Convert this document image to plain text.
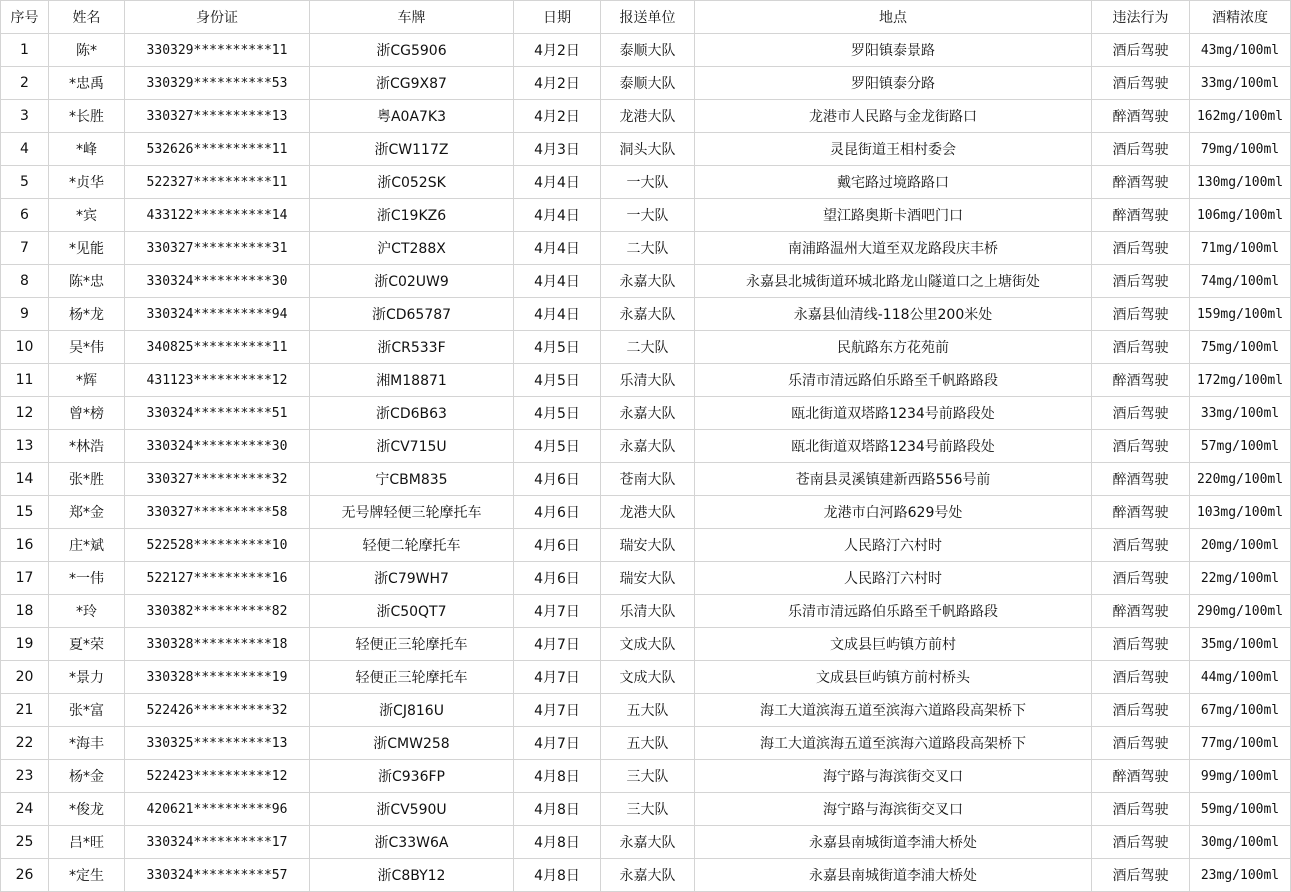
序号	姓名	身份证	车牌	日期	报送单位	地点	违法行为	酒精浓度
1	陈*	330329**********11	浙CG5906	4月2日	泰顺大队	罗阳镇泰景路	酒后驾驶	43mg/100ml
2	*忠禹	330329**********53	浙CG9X87	4月2日	泰顺大队	罗阳镇泰分路	酒后驾驶	33mg/100ml
3	*长胜	330327**********13	粤A0A7K3	4月2日	龙港大队	龙港市人民路与金龙街路口	醉酒驾驶	162mg/100ml
4	*峰	532626**********11	浙CW117Z	4月3日	洞头大队	灵昆街道王相村委会	酒后驾驶	79mg/100ml
5	*贞华	522327**********11	浙C052SK	4月4日	一大队	戴宅路过境路路口	醉酒驾驶	130mg/100ml
6	*宾	433122**********14	浙C19KZ6	4月4日	一大队	望江路奥斯卡酒吧门口	醉酒驾驶	106mg/100ml
7	*见能	330327**********31	沪CT288X	4月4日	二大队	南浦路温州大道至双龙路段庆丰桥	酒后驾驶	71mg/100ml
8	陈*忠	330324**********30	浙C02UW9	4月4日	永嘉大队	永嘉县北城街道环城北路龙山隧道口之上塘街处	酒后驾驶	74mg/100ml
9	杨*龙	330324**********94	浙CD65787	4月4日	永嘉大队	永嘉县仙清线-118公里200米处	酒后驾驶	159mg/100ml
10	吴*伟	340825**********11	浙CR533F	4月5日	二大队	民航路东方花苑前	酒后驾驶	75mg/100ml
11	*辉	431123**********12	湘M18871	4月5日	乐清大队	乐清市清远路伯乐路至千帆路路段	醉酒驾驶	172mg/100ml
12	曾*榜	330324**********51	浙CD6B63	4月5日	永嘉大队	瓯北街道双塔路1234号前路段处	酒后驾驶	33mg/100ml
13	*林浩	330324**********30	浙CV715U	4月5日	永嘉大队	瓯北街道双塔路1234号前路段处	酒后驾驶	57mg/100ml
14	张*胜	330327**********32	宁CBM835	4月6日	苍南大队	苍南县灵溪镇建新西路556号前	醉酒驾驶	220mg/100ml
15	郑*金	330327**********58	无号牌轻便三轮摩托车	4月6日	龙港大队	龙港市白河路629号处	醉酒驾驶	103mg/100ml
16	庄*斌	522528**********10	轻便二轮摩托车	4月6日	瑞安大队	人民路汀六村时	酒后驾驶	20mg/100ml
17	*一伟	522127**********16	浙C79WH7	4月6日	瑞安大队	人民路汀六村时	酒后驾驶	22mg/100ml
18	*玲	330382**********82	浙C50QT7	4月7日	乐清大队	乐清市清远路伯乐路至千帆路路段	醉酒驾驶	290mg/100ml
19	夏*荣	330328**********18	轻便正三轮摩托车	4月7日	文成大队	文成县巨屿镇方前村	酒后驾驶	35mg/100ml
20	*景力	330328**********19	轻便正三轮摩托车	4月7日	文成大队	文成县巨屿镇方前村桥头	酒后驾驶	44mg/100ml
21	张*富	522426**********32	浙CJ816U	4月7日	五大队	海工大道滨海五道至滨海六道路段高架桥下	酒后驾驶	67mg/100ml
22	*海丰	330325**********13	浙CMW258	4月7日	五大队	海工大道滨海五道至滨海六道路段高架桥下	酒后驾驶	77mg/100ml
23	杨*金	522423**********12	浙C936FP	4月8日	三大队	海宁路与海滨街交叉口	醉酒驾驶	99mg/100ml
24	*俊龙	420621**********96	浙CV590U	4月8日	三大队	海宁路与海滨街交叉口	酒后驾驶	59mg/100ml
25	吕*旺	330324**********17	浙C33W6A	4月8日	永嘉大队	永嘉县南城街道李浦大桥处	酒后驾驶	30mg/100ml
26	*定生	330324**********57	浙C8BY12	4月8日	永嘉大队	永嘉县南城街道李浦大桥处	酒后驾驶	23mg/100ml
